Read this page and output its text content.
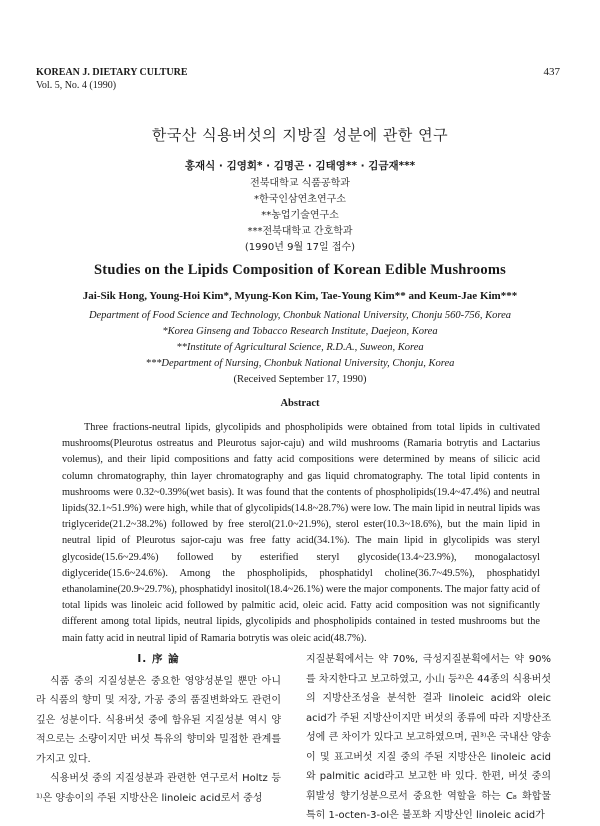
KOREAN J. DIETARY CULTURE
Vol. 5, No. 4 (1990)
437
한국산 식용버섯의 지방질 성분에 관한 연구
홍재식 · 김영회* · 김명곤 · 김태영** · 김금재***
전북대학교 식품공학과
*한국인삼연초연구소
**농업기술연구소
***전북대학교 간호학과
(1990년 9월 17일 접수)
Studies on the Lipids Composition of Korean Edible Mushrooms
Jai-Sik Hong, Young-Hoi Kim*, Myung-Kon Kim, Tae-Young Kim** and Keum-Jae Kim***
Department of Food Science and Technology, Chonbuk National University, Chonju 560-756, Korea
*Korea Ginseng and Tobacco Research Institute, Daejeon, Korea
**Institute of Agricultural Science, R.D.A., Suweon, Korea
***Department of Nursing, Chonbuk National University, Chonju, Korea
(Received September 17, 1990)
Abstract

Three fractions-neutral lipids, glycolipids and phospholipids were obtained from total lipids in cultivated mushrooms(Pleurotus ostreatus and Pleurotus sajor-caju) and wild mushrooms (Ramaria botrytis and Lactarius volemus), and their lipid compositions and fatty acid compositions were determined by means of silicic acid column chromatography, thin layer chromatography and gas liquid chromatography. The total lipid contents in mushrooms were 0.32~0.39%(wet basis). It was found that the contents of phospholipids(19.4~47.4%) and neutral lipids(32.1~51.9%) were high, while that of glycolipids(14.8~28.7%) were low. The main lipid in neutral lipids was triglyceride(21.2~38.2%) followed by free sterol(21.0~21.9%), sterol ester(10.3~18.6%), but the main lipid in neutral lipid of Pleurotus sajor-caju was free fatty acid(34.1%). The main lipid in glycolipids was steryl glycoside(15.6~29.4%) followed by esterified steryl glycoside(13.4~23.9%), monogalactosyl diglyceride(15.6~24.6%). Among the phospholipids, phosphatidyl choline(36.7~49.5%), phosphatidyl ethanolamine(20.9~29.7%), phosphatidyl inositol(18.4~26.1%) were the major components. The major fatty acid of total lipids was linoleic acid followed by palmitic acid, oleic acid. Fatty acid composition was not significantly different among total lipids, neutral lipids, glycolipids and phospholipids contained in tested mushrooms but the main fatty acid in neutral lipid of Ramaria botrytis was oleic acid(48.7%).

I. 序 論

식품 중의 지질성분은 중요한 영양성분일 뿐만 아니라 식품의 향미 및 저장, 가공 중의 품질변화와도 관련이 깊은 성분이다. 식용버섯 중에 함유된 지질성분 역시 양적으로는 소량이지만 버섯 특유의 향미와 밀접한 관계를 가지고 있다.

식용버섯 중의 지질성분과 관련한 연구로서 Holtz 등¹⁾은 양송이의 주된 지방산은 linoleic acid로서 중성

지질분획에서는 약 70%, 극성지질분획에서는 약 90%를 차지한다고 보고하였고, 小山 등²⁾은 44종의 식용버섯의 지방산조성을 분석한 결과 linoleic acid와 oleic acid가 주된 지방산이지만 버섯의 종류에 따라 지방산조성에 큰 차이가 있다고 보고하였으며, 권³⁾은 국내산 양송이 및 표고버섯 지질 중의 주된 지방산은 linoleic acid와 palmitic acid라고 보고한 바 있다. 한편, 버섯 중의 휘발성 향기성분으로서 중요한 역할을 하는 C₈ 화합물 특히 1-octen-3-ol은 불포화 지방산인 linoleic acid가
